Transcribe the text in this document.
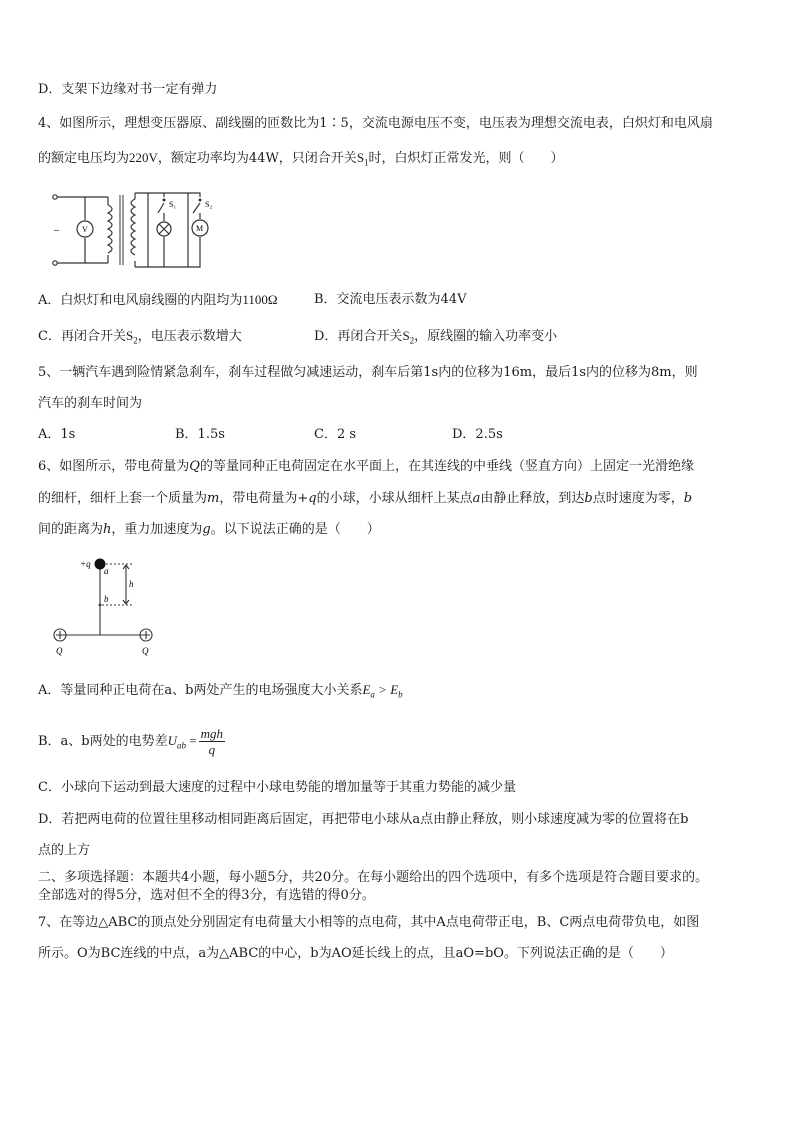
D．支架下边缘对书一定有弹力
4、如图所示，理想变压器原、副线圈的匝数比为1∶5，交流电源电压不变，电压表为理想交流电表，白炽灯和电风扇
的额定电压均为220V，额定功率均为44W，只闭合开关$S_1$时，白炽灯正常发光，则（　　）
S₁	S₂
V	M
–
A．白炽灯和电风扇线圈的内阻均为1100Ω	B．交流电压表示数为44V
C．再闭合开关$S_2$，电压表示数增大	D．再闭合开关$S_2$，原线圈的输入功率变小
5、一辆汽车遇到险情紧急刹车，刹车过程做匀减速运动，刹车后第1s内的位移为16m，最后1s内的位移为8m，则
汽车的刹车时间为
A．1s	B．1.5s	C．2 s	D．2.5s
6、如图所示，带电荷量为Q的等量同种正电荷固定在水平面上，在其连线的中垂线（竖直方向）上固定一光滑绝缘
的细杆，细杆上套一个质量为m，带电荷量为+q的小球，小球从细杆上某点a由静止释放，到达b点时速度为零，b
间的距离为h，重力加速度为g。以下说法正确的是（　　）
+q
a
b
h
Q	Q
A．等量同种正电荷在a、b两处产生的电场强度大小关系$E_a > E_b$
B．a、b两处的电势差$U_{ab} = \frac{\text{mgh}}{q}$
C．小球向下运动到最大速度的过程中小球电势能的增加量等于其重力势能的减少量
D．若把两电荷的位置往里移动相同距离后固定，再把带电小球从a点由静止释放，则小球速度减为零的位置将在b
点的上方
二、多项选择题：本题共4小题，每小题5分，共20分。在每小题给出的四个选项中，有多个选项是符合题目要求的。
全部选对的得5分，选对但不全的得3分，有选错的得0分。
7、在等边△ABC的顶点处分别固定有电荷量大小相等的点电荷，其中A点电荷带正电，B、C两点电荷带负电，如图
所示。O为BC连线的中点，a为△ABC的中心，b为AO延长线上的点，且aO=bO。下列说法正确的是（　　）
